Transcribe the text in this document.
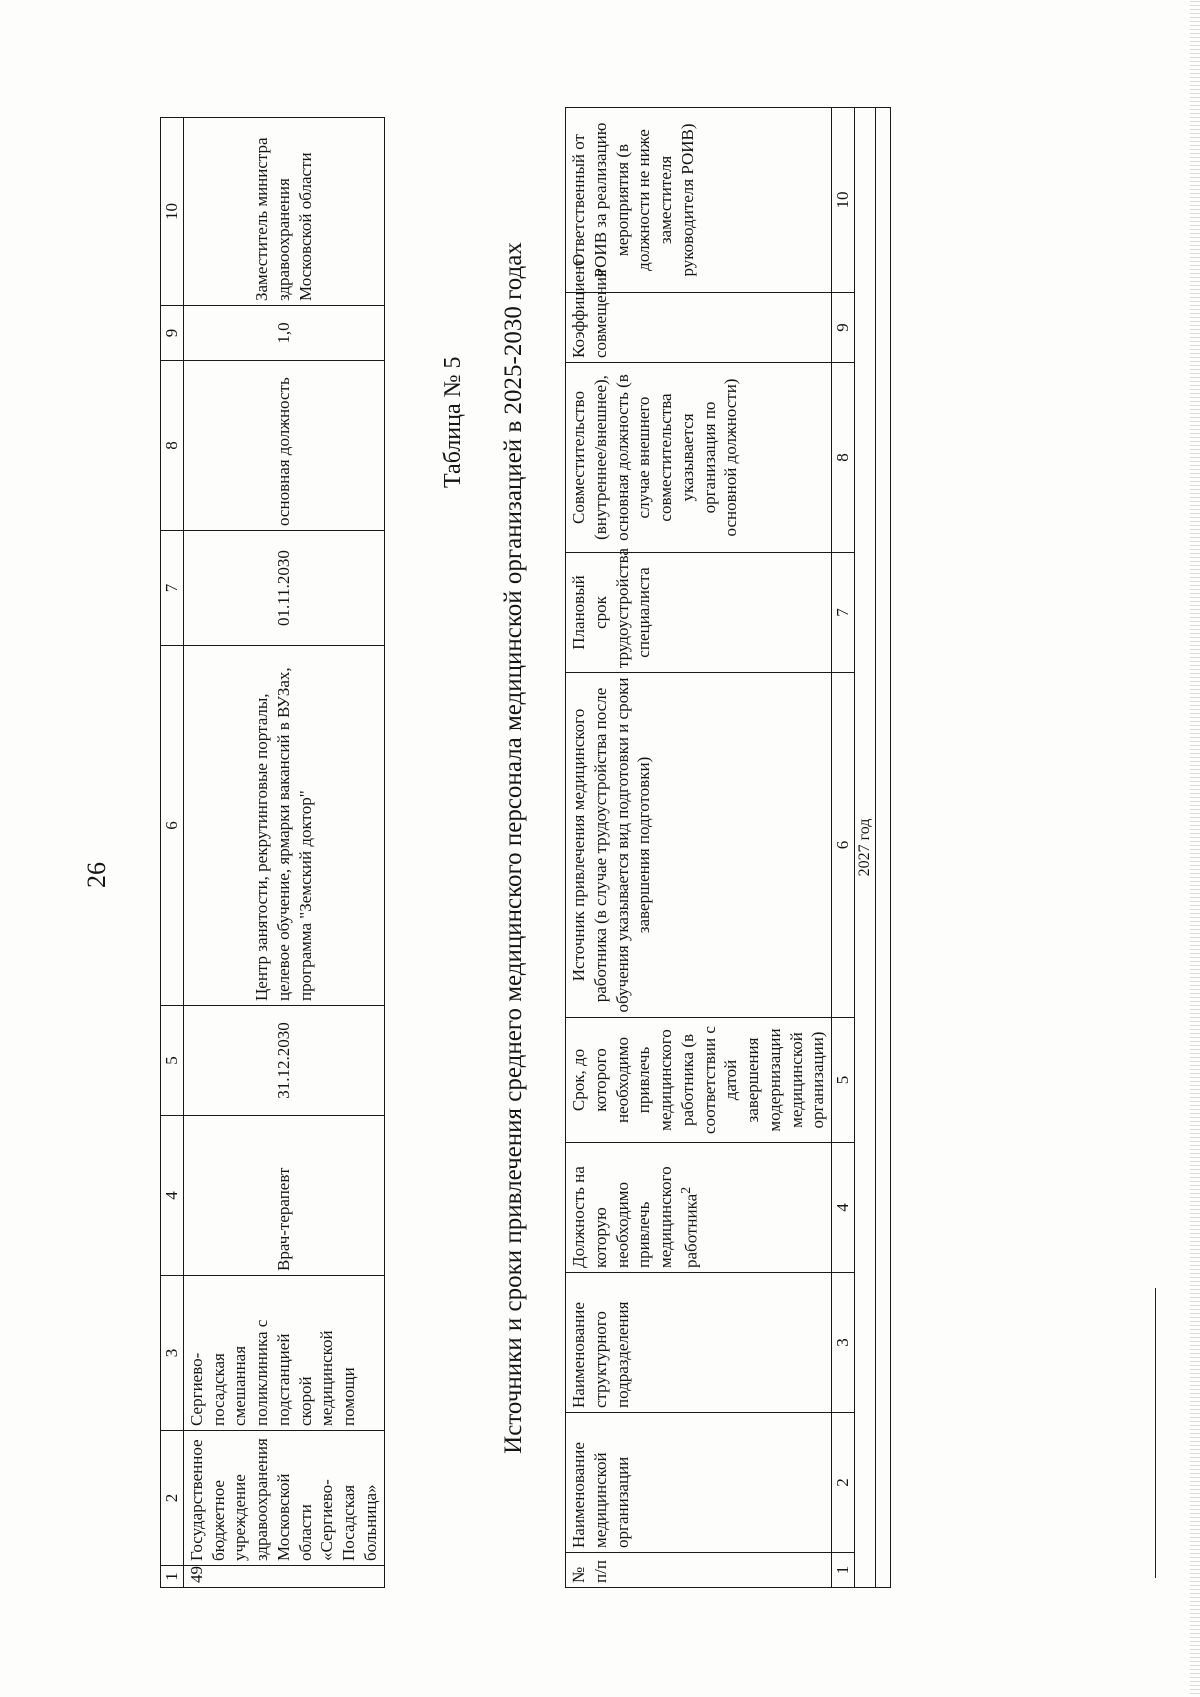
26
1	2	3	4	5	6	7	8	9	10
49	Государственное бюджетное учреждение здравоохранения Московской области «Сергиево-Посадская больница»	Сергиево-посадская смешанная поликлиника с подстанцией скорой медицинской помощи	Врач-терапевт	31.12.2030	Центр занятости, рекрутинговые порталы, целевое обучение, ярмарки вакансий в ВУЗах, программа "Земский доктор"	01.11.2030	основная должность	1,0	Заместитель министра здравоохранения Московской области
Таблица № 5 Источники и сроки привлечения среднего медицинского персонала медицинской организацией в 2025-2030 годах
№ п/п	Наименование медицинской организации	Наименование структурного подразделения	Должность на которую необходимо привлечь медицинского работника$^2$	Срок, до которого необходимо привлечь медицинского работника (в соответствии с датой завершения модернизации медицинской организации)	Источник привлечения медицинского работника (в случае трудоустройства после обучения указывается вид подготовки и сроки завершения подготовки)	Плановый срок трудоустройства специалиста	Совместительство (внутреннее/внешнее), основная должность (в случае внешнего совместительства указывается организация по основной должности)	Коэффициент совмещения	Ответственный от РОИВ за реализацию мероприятия (в должности не ниже заместителя руководителя РОИВ)
1	2	3	4	5	6	7	8	9	10
2027 год									
